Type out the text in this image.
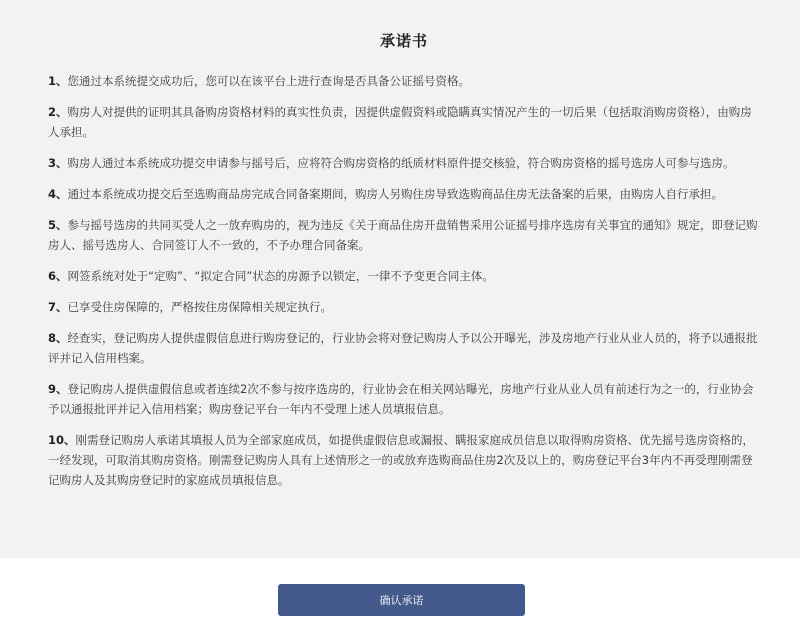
承诺书
1、您通过本系统提交成功后，您可以在该平台上进行查询是否具备公证摇号资格。
2、购房人对提供的证明其具备购房资格材料的真实性负责，因提供虚假资料或隐瞒真实情况产生的一切后果（包括取消购房资格），由购房人承担。
3、购房人通过本系统成功提交申请参与摇号后，应将符合购房资格的纸质材料原件提交核验，符合购房资格的摇号选房人可参与选房。
4、通过本系统成功提交后至选购商品房完成合同备案期间，购房人另购住房导致选购商品住房无法备案的后果，由购房人自行承担。
5、参与摇号选房的共同买受人之一放弃购房的，视为违反《关于商品住房开盘销售采用公证摇号排序选房有关事宜的通知》规定，即登记购房人、摇号选房人、合同签订人不一致的，不予办理合同备案。
6、网签系统对处于“定购”、“拟定合同”状态的房源予以锁定，一律不予变更合同主体。
7、已享受住房保障的，严格按住房保障相关规定执行。
8、经查实，登记购房人提供虚假信息进行购房登记的，行业协会将对登记购房人予以公开曝光，涉及房地产行业从业人员的，将予以通报批评并记入信用档案。
9、登记购房人提供虚假信息或者连续2次不参与按序选房的，行业协会在相关网站曝光，房地产行业从业人员有前述行为之一的，行业协会予以通报批评并记入信用档案；购房登记平台一年内不受理上述人员填报信息。
10、刚需登记购房人承诺其填报人员为全部家庭成员，如提供虚假信息或漏报、瞒报家庭成员信息以取得购房资格、优先摇号选房资格的，一经发现，可取消其购房资格。刚需登记购房人具有上述情形之一的或放弃选购商品住房2次及以上的，购房登记平台3年内不再受理刚需登记购房人及其购房登记时的家庭成员填报信息。
确认承诺
